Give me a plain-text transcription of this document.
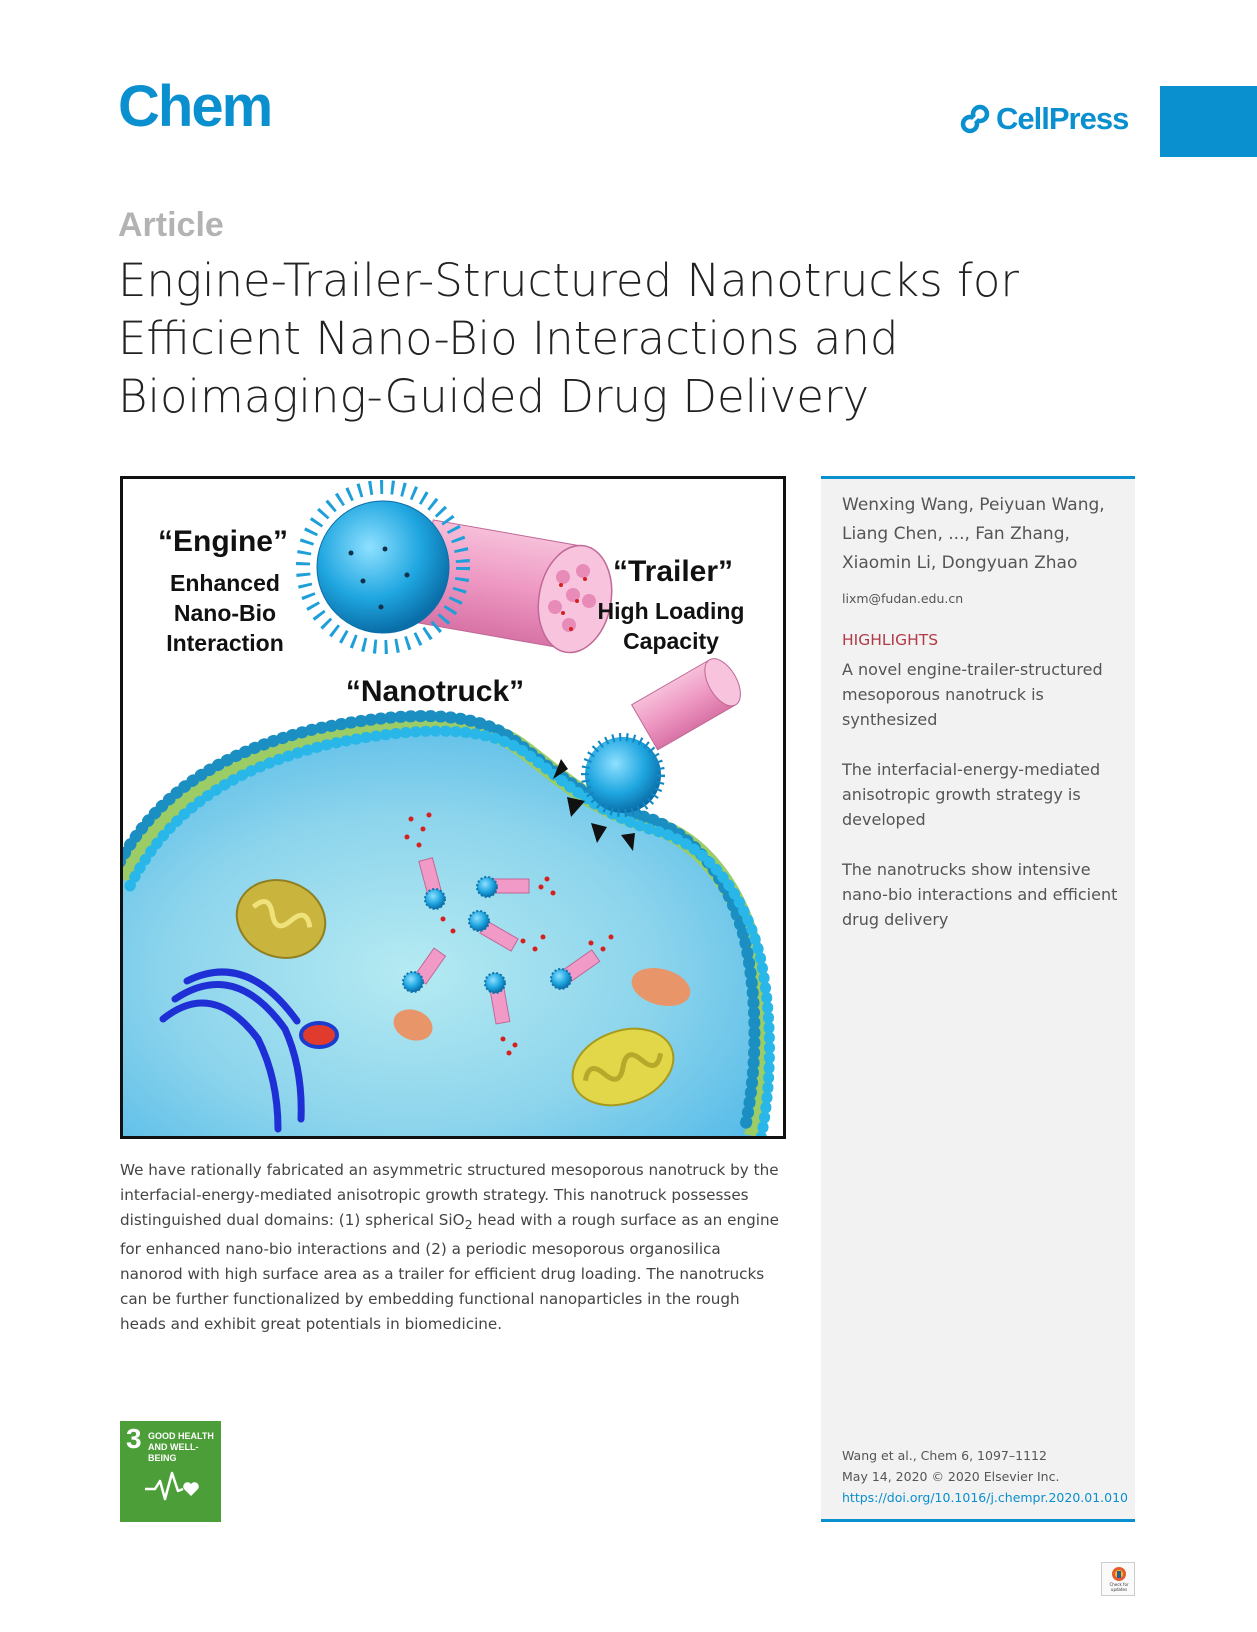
Chem	CellPress
Article
Engine-Trailer-Structured Nanotrucks for Efficient Nano-Bio Interactions and Bioimaging-Guided Drug Delivery
“Engine”
Enhanced
Nano-Bio
Interaction
“Trailer”
High Loading
Capacity
“Nanotruck”

We have rationally fabricated an asymmetric structured mesoporous nanotruck by the interfacial-energy-mediated anisotropic growth strategy. This nanotruck possesses distinguished dual domains: (1) spherical SiO$_2$ head with a rough surface as an engine for enhanced nano-bio interactions and (2) a periodic mesoporous organosilica nanorod with high surface area as a trailer for efficient drug loading. The nanotrucks can be further functionalized by embedding functional nanoparticles in the rough heads and exhibit great potentials in biomedicine.

Wenxing Wang, Peiyuan Wang, Liang Chen, ..., Fan Zhang, Xiaomin Li, Dongyuan Zhao

lixm@fudan.edu.cn
HIGHLIGHTS
A novel engine-trailer-structured mesoporous nanotruck is synthesized
The interfacial-energy-mediated anisotropic growth strategy is developed
The nanotrucks show intensive nano-bio interactions and efficient drug delivery
Wang et al., Chem 6, 1097–1112
May 14, 2020 © 2020 Elsevier Inc.
https://doi.org/10.1016/j.chempr.2020.01.010
3 GOOD HEALTH AND WELL-BEING
Check for updates
